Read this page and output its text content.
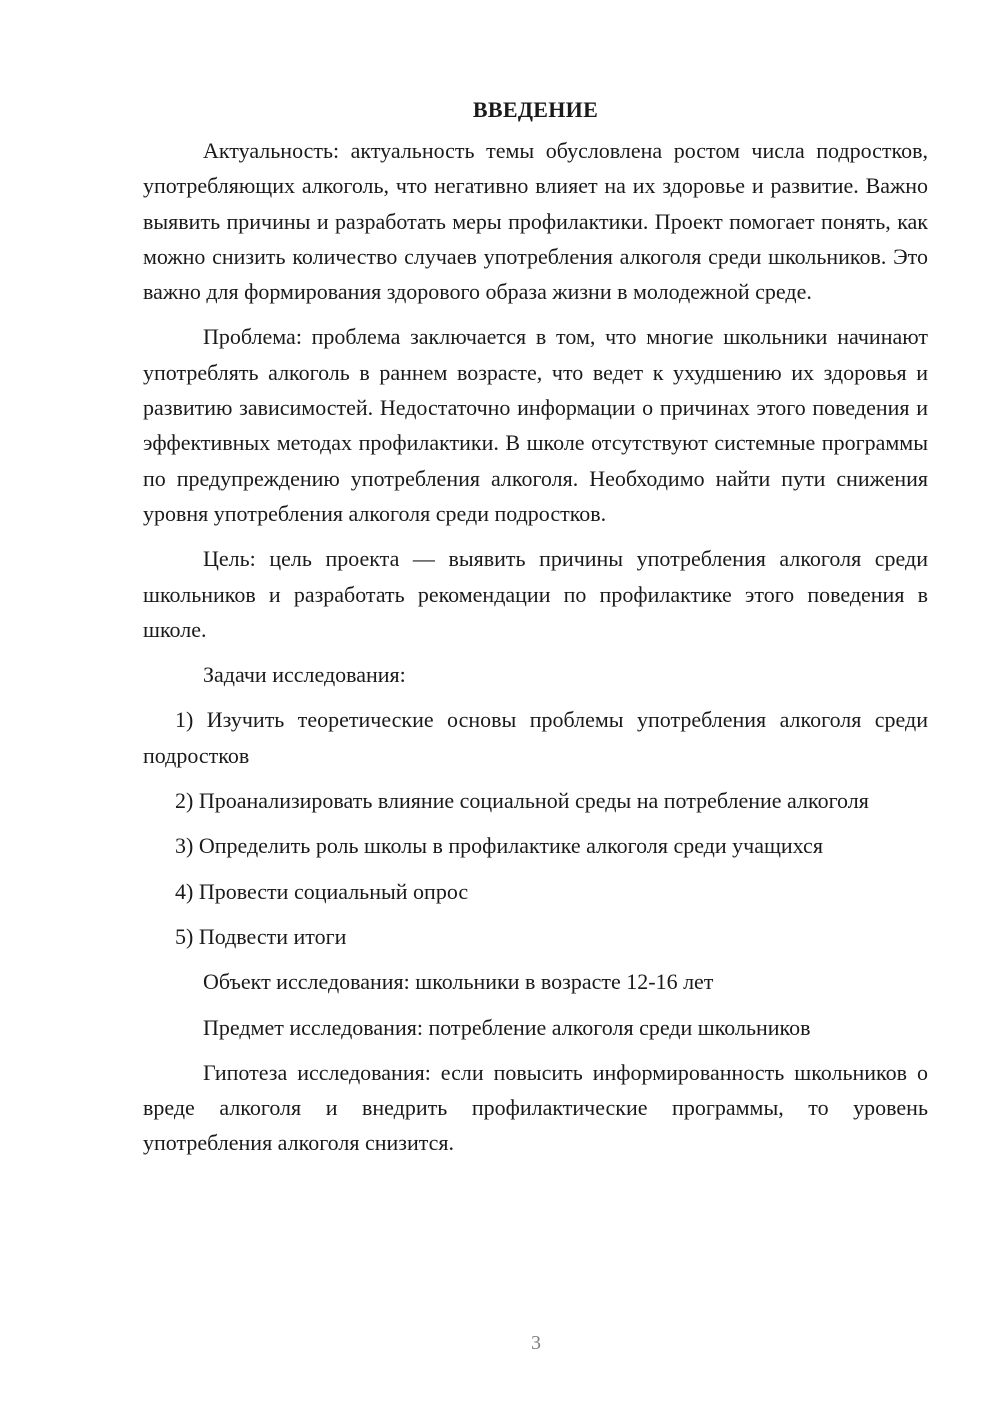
ВВЕДЕНИЕ

Актуальность: актуальность темы обусловлена ростом числа подростков, употребляющих алкоголь, что негативно влияет на их здоровье и развитие. Важно выявить причины и разработать меры профилактики. Проект помогает понять, как можно снизить количество случаев употребления алкоголя среди школьников. Это важно для формирования здорового образа жизни в молодежной среде.

Проблема: проблема заключается в том, что многие школьники начинают употреблять алкоголь в раннем возрасте, что ведет к ухудшению их здоровья и развитию зависимостей. Недостаточно информации о причинах этого поведения и эффективных методах профилактики. В школе отсутствуют системные программы по предупреждению употребления алкоголя. Необходимо найти пути снижения уровня употребления алкоголя среди подростков.

Цель: цель проекта — выявить причины употребления алкоголя среди школьников и разработать рекомендации по профилактике этого поведения в школе.

Задачи исследования:

1) Изучить теоретические основы проблемы употребления алкоголя среди подростков

2) Проанализировать влияние социальной среды на потребление алкоголя

3) Определить роль школы в профилактике алкоголя среди учащихся

4) Провести социальный опрос

5) Подвести итоги

Объект исследования: школьники в возрасте 12-16 лет

Предмет исследования: потребление алкоголя среди школьников

Гипотеза исследования: если повысить информированность школьников о вреде алкоголя и внедрить профилактические программы, то уровень употребления алкоголя снизится.

3
